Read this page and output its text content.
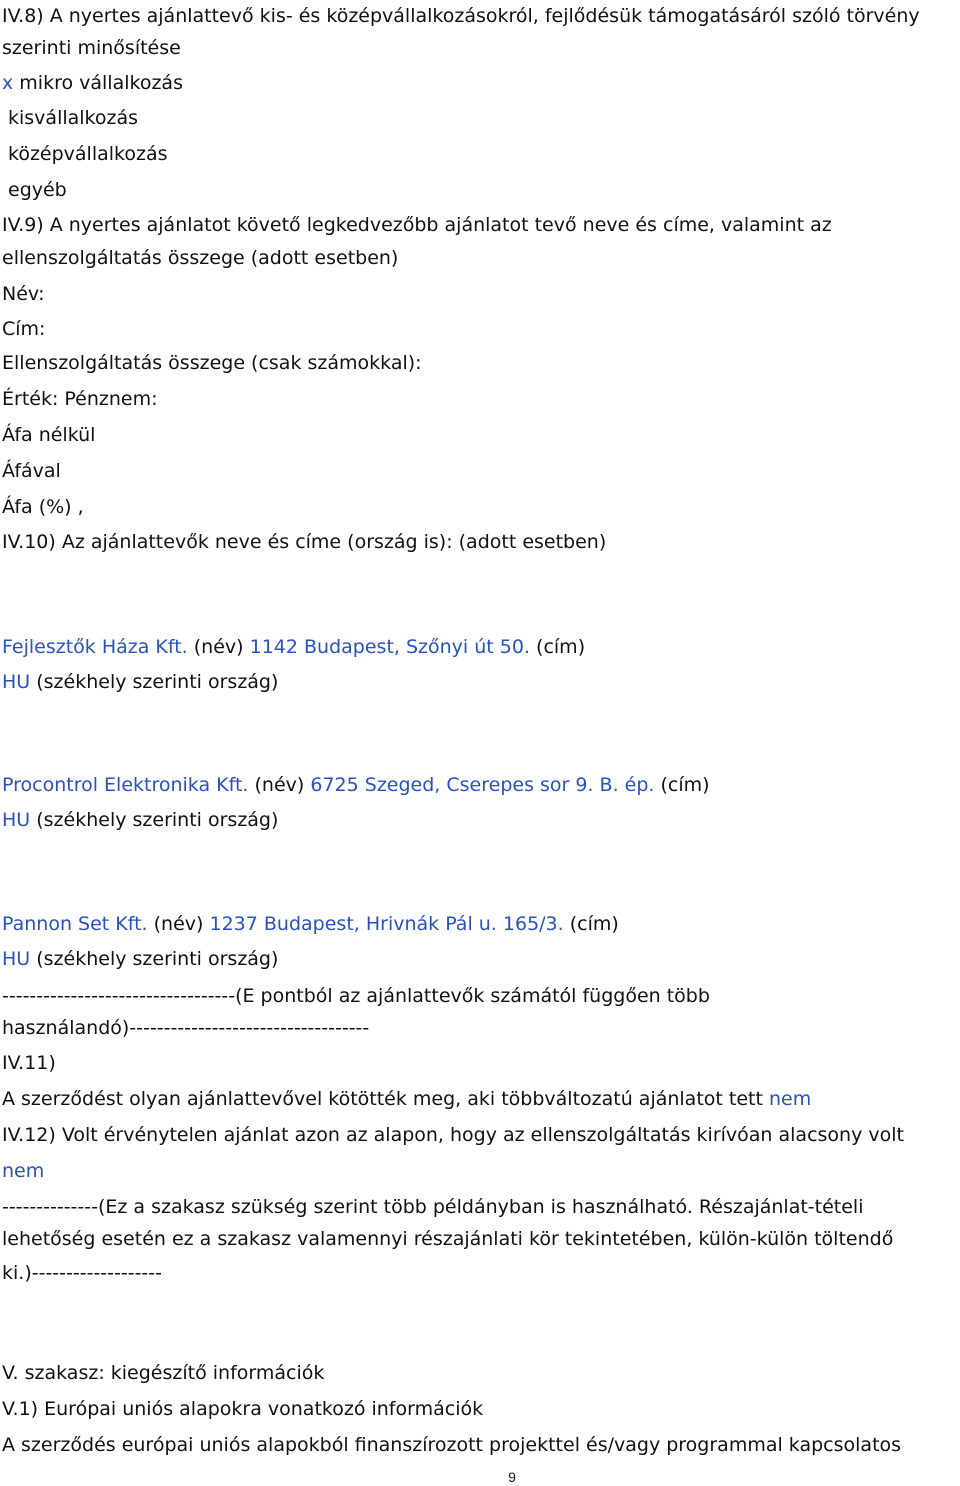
IV.8) A nyertes ajánlattevő kis- és középvállalkozásokról, fejlődésük támogatásáról szóló törvény
szerinti minősítése
x mikro vállalkozás
kisvállalkozás
középvállalkozás
egyéb
IV.9) A nyertes ajánlatot követő legkedvezőbb ajánlatot tevő neve és címe, valamint az
ellenszolgáltatás összege (adott esetben)
Név:
Cím:
Ellenszolgáltatás összege (csak számokkal):
Érték: Pénznem:
Áfa nélkül
Áfával
Áfa (%) ,
IV.10) Az ajánlattevők neve és címe (ország is): (adott esetben)
Fejlesztők Háza Kft. (név) 1142 Budapest, Szőnyi út 50. (cím)
HU (székhely szerinti ország)
Procontrol Elektronika Kft. (név) 6725 Szeged, Cserepes sor 9. B. ép. (cím)
HU (székhely szerinti ország)
Pannon Set Kft. (név) 1237 Budapest, Hrivnák Pál u. 165/3. (cím)
HU (székhely szerinti ország)
----------------------------------(E pontból az ajánlattevők számától függően több
használandó)-----------------------------------
IV.11)
A szerződést olyan ajánlattevővel kötötték meg, aki többváltozatú ajánlatot tett nem
IV.12) Volt érvénytelen ajánlat azon az alapon, hogy az ellenszolgáltatás kirívóan alacsony volt
nem
--------------(Ez a szakasz szükség szerint több példányban is használható. Részajánlat-tételi
lehetőség esetén ez a szakasz valamennyi részajánlati kör tekintetében, külön-külön töltendő
ki.)-------------------
V. szakasz: kiegészítő információk
V.1) Európai uniós alapokra vonatkozó információk
A szerződés európai uniós alapokból finanszírozott projekttel és/vagy programmal kapcsolatos
9
